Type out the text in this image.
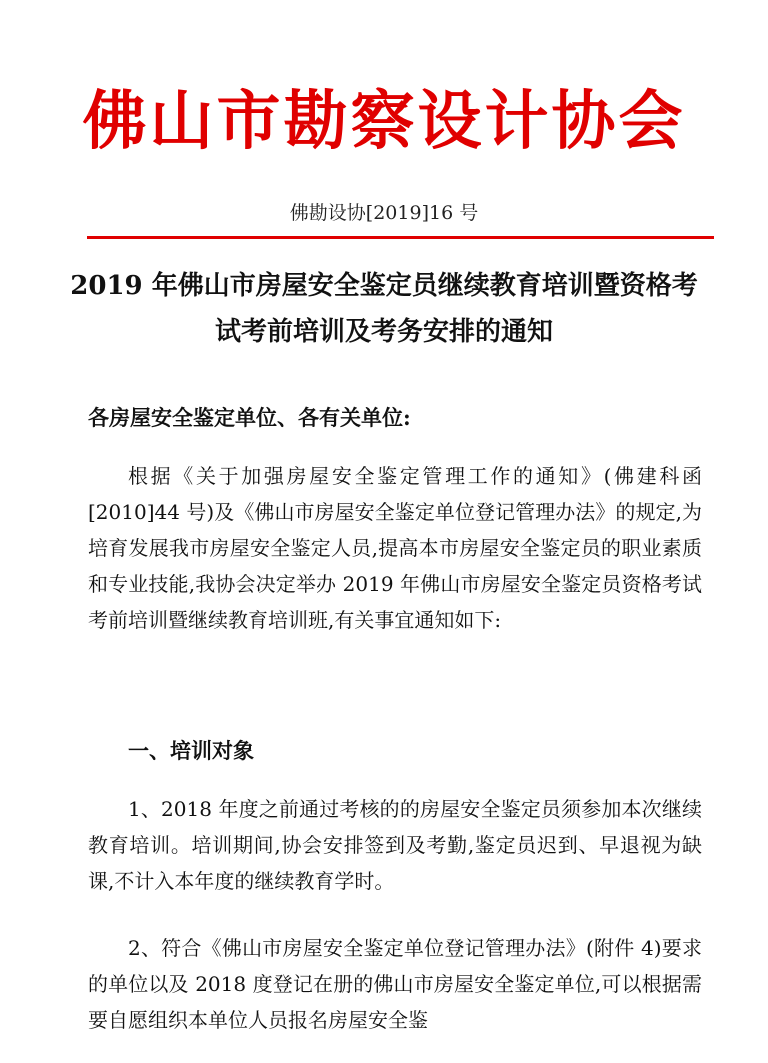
佛山市勘察设计协会
佛勘设协[2019]16 号
2019 年佛山市房屋安全鉴定员继续教育培训暨资格考试考前培训及考务安排的通知
各房屋安全鉴定单位、各有关单位:
根据《关于加强房屋安全鉴定管理工作的通知》(佛建科函[2010]44 号)及《佛山市房屋安全鉴定单位登记管理办法》的规定,为培育发展我市房屋安全鉴定人员,提高本市房屋安全鉴定员的职业素质和专业技能,我协会决定举办 2019 年佛山市房屋安全鉴定员资格考试考前培训暨继续教育培训班,有关事宜通知如下:
一、培训对象
1、2018 年度之前通过考核的的房屋安全鉴定员须参加本次继续教育培训。培训期间,协会安排签到及考勤,鉴定员迟到、早退视为缺课,不计入本年度的继续教育学时。
2、符合《佛山市房屋安全鉴定单位登记管理办法》(附件 4)要求的单位以及 2018 度登记在册的佛山市房屋安全鉴定单位,可以根据需要自愿组织本单位人员报名房屋安全鉴
